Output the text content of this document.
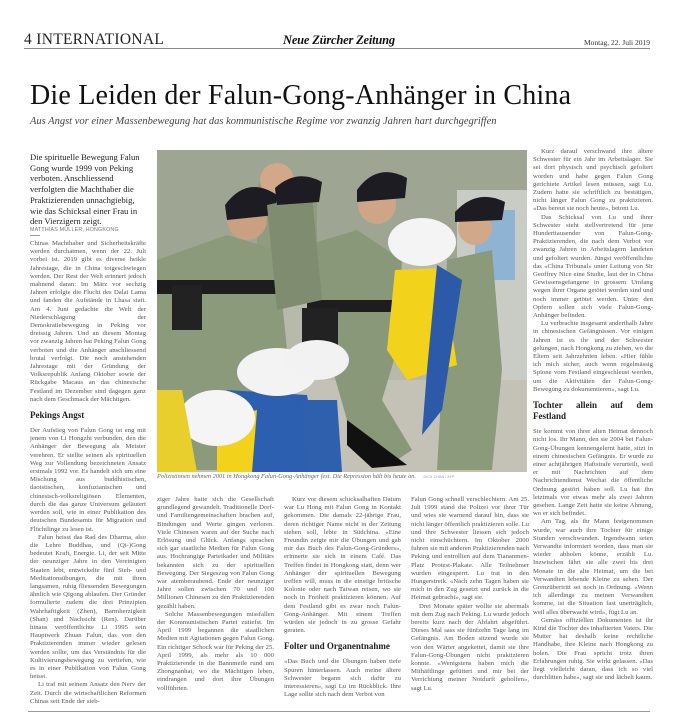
4 INTERNATIONAL	Neue Zürcher Zeitung	Montag, 22. Juli 2019
Die Leiden der Falun-Gong-Anhänger in China
Aus Angst vor einer Massenbewegung hat das kommunistische Regime vor zwanzig Jahren hart durchgegriffen
Die spirituelle Bewegung Falun Gong wurde 1999 von Peking verboten. Anschliessend verfolgten die Machthaber die Praktizierenden unnachgiebig, wie das Schicksal einer Frau in den Vierzigern zeigt.
MATTHIAS MÜLLER, HONGKONG
Polizistinnen nehmen 2001 in Hongkong Falun-Gong-Anhänger fest. Die Repression hält bis heute an. DICK CHAN / AFP

Chinas Machthaber und Sicherheitskräfte werden durchatmen, wenn der 22. Juli vorbei ist. 2019 gibt es diverse heikle Jahrestage, die in China totgeschwiegen werden. Der Rest der Welt erinnert jedoch mahnend daran: Im März vor sechzig Jahren erfolgte die Flucht des Dalai Lama und fanden die Aufstände in Lhasa statt. Am 4. Juni gedachte die Welt der Niederschlagung der Demokratiebewegung in Peking vor dreissig Jahren. Und an diesem Montag vor zwanzig Jahren hat Peking Falun Gong verboten und die Anhänger anschliessend brutal verfolgt. Die noch anstehenden Jahrestage mit der Gründung der Volksrepublik Anfang Oktober sowie der Rückgabe Macaus an das chinesische Festland im Dezember sind dagegen ganz nach dem Geschmack der Mächtigen.

Pekings Angst

Der Aufstieg von Falun Gong ist eng mit jenem von Li Hongzhi verbunden, den die Anhänger der Bewegung als Meister verehren. Er stellte seinen als spirituellen Weg zur Vollendung bezeichneten Ansatz erstmals 1992 vor. Es handelt sich um eine Mischung aus buddhistischen, daoistischen, konfuzianischen und chinesisch-volksreligiösen Elementen, durch die das ganze Universum geläutert werden soll, wie in einer Publikation des deutschen Bundesamts für Migration und Flüchtlinge zu lesen ist.

Falun heisst das Rad des Dharma, also die Lehre Buddhas, und (Qi-)Gong bedeutet Kraft, Energie. Li, der seit Mitte der neunziger Jahre in den Vereinigten Staaten lebt, entwickelte fünf Steh- und Meditationsübungen, die mit ihren langsamen, ruhig fliessenden Bewegungen ähnlich wie Qigong ablaufen. Der Gründer formulierte zudem die drei Prinzipien Wahrhaftigkeit (Zhen), Barmherzigkeit (Shan) und Nachsicht (Ren). Darüber hinaus veröffentlichte Li 1995 sein Hauptwerk Zhuan Falun, das von den Praktizierenden immer wieder gelesen werden sollte, um das Verständnis für die Kultivierungsbewegung zu vertiefen, wie es in einer Publikation von Falun Gong heisst.

Li traf mit seinem Ansatz den Nerv der Zeit. Durch die wirtschaftlichen Reformen Chinas seit Ende der sieb-

ziger Jahre hatte sich die Gesellschaft grundlegend gewandelt. Traditionelle Dorf- und Familiengemeinschaften brachen auf, Bindungen und Werte gingen verloren. Viele Chinesen waren auf der Suche nach Erlösung und Glück. Anfangs sprachen sich gar staatliche Medien für Falun Gong aus. Hochrangige Parteikader und Militärs bekannten sich zu der spirituellen Bewegung. Der Siegeszug von Falun Gong war atemberaubend. Ende der neunziger Jahre sollen zwischen 70 und 100 Millionen Chinesen zu den Praktizierenden gezählt haben.

Solche Massenbewegungen missfallen der Kommunistischen Partei zutiefst. Im April 1999 begannen die staatlichen Medien mit Agitationen gegen Falun Gong. Ein richtiger Schock war für Peking der 25. April 1999, als mehr als 10 000 Praktizierende in die Bannmeile rund um Zhongnanhai, wo die Mächtigen leben, eindrangen und dort ihre Übungen vollführten.

Kurz vor diesem schicksalhaften Datum war Lu Hong mit Falun Gong in Kontakt gekommen. Die damals 22-jährige Frau, deren richtiger Name nicht in der Zeitung stehen soll, lebte in Südchina. «Eine Freundin zeigte mir die Übungen und gab mir das Buch des Falun-Gong-Gründers», erinnerte sie sich in einem Café. Das Treffen findet in Hongkong statt, denn wer Anhänger der spirituellen Bewegung treffen will, muss in die einstige britische Kolonie oder nach Taiwan reisen, wo sie noch in Freiheit praktizieren können. Auf dem Festland gibt es zwar noch Falun-Gong-Anhänger. Mit einem Treffen würden sie jedoch in zu grosse Gefahr geraten.

Folter und Organentnahme

«Das Buch und die Übungen haben tiefe Spuren hinterlassen. Auch meine ältere Schwester begann sich dafür zu interessieren», sagt Lu im Rückblick. Ihre Lage sollte sich nach dem Verbot von

Falun Gong schnell verschlechtern. Am 25. Juli 1999 stand die Polizei vor ihrer Tür und wies sie warnend darauf hin, dass sie nicht länger öffentlich praktizieren solle. Lu und ihre Schwester liessen sich jedoch nicht einschüchtern. Im Oktober 2000 fuhren sie mit anderen Praktizierenden nach Peking und entrollten auf dem Tiananmen-Platz Protest-Plakate. Alle Teilnehmer wurden eingesperrt. Lu trat in den Hungerstreik. «Nach zehn Tagen haben sie mich in den Zug gesetzt und zurück in die Heimat gebracht», sagt sie.

Drei Monate später wollte sie abermals mit dem Zug nach Peking. Lu wurde jedoch bereits kurz nach der Abfahrt abgeführt. Dieses Mal sass sie fünfzehn Tage lang im Gefängnis. Am Boden sitzend wurde sie von den Wärter angekettet, damit sie ihre Falun-Gong-Übungen nicht praktizieren konnte. «Wenigstens haben mich die Mithäftlinge gefüttert und mir bei der Verrichtung meiner Notdurft geholfen», sagt Lu.

Kurz darauf verschwand ihre ältere Schwester für ein Jahr im Arbeitslager. Sie sei dort physisch und psychisch gefoltert worden und habe gegen Falun Gong gerichtete Artikel lesen müssen, sagt Lu. Zudem hatte sie schriftlich zu bestätigen, nicht länger Falun Gong zu praktizieren. «Das bereut sie noch heute», betont Lu.

Das Schicksal von Lu und ihrer Schwester steht stellvertretend für jene Hunderttausender von Falun-Gong-Praktizierenden, die nach dem Verbot vor zwanzig Jahren in Arbeitslagern landeten und gefoltert wurden. Jüngst veröffentlichte das «China Tribunal» unter Leitung von Sir Geoffrey Nice eine Studie, laut der in China Gewissensgefangene in grossem Umfang wegen ihrer Organe getötet worden sind und noch immer getötet werden. Unter den Opfern sollen sich viele Falun-Gong-Anhänger befinden.

Lu verbrachte insgesamt anderthalb Jahre in chinesischen Gefängnissen. Vor einigen Jahren ist es ihr und der Schwester gelungen, nach Hongkong zu ziehen, wo die Eltern seit Jahrzehnten leben. «Hier fühle ich mich sicher, auch wenn regelmässig Spione vom Festland eingeschleust werden, um die Aktivitäten der Falun-Gong-Bewegung zu dokumentieren», sagt Lu.

Tochter allein auf dem Festland

Sie kommt von ihrer alten Heimat dennoch nicht los. Ihr Mann, den sie 2004 bei Falun-Gong-Übungen kennengelernt hatte, sitzt in einem chinesischen Gefängnis. Er wurde zu einer achtjährigen Haftstrafe verurteilt, weil er mit Nachrichten auf dem Nachrichtendienst Wechat die öffentliche Ordnung gestört haben soll. Lu hat ihn letztmals vor etwas mehr als zwei Jahren gesehen. Lange Zeit hatte sie keine Ahnung, wo er sich befindet.

Am Tag, als ihr Mann festgenommen wurde, war auch ihre Tochter für einige Stunden verschwunden. Irgendwann seien Verwandte informiert worden, dass man sie wieder abholen könne, erzählt Lu. Inzwischen fährt sie alle zwei bis drei Monate in die alte Heimat, um die bei Verwandten lebende Kleine zu sehen. Der Grenzübertritt sei noch in Ordnung. «Wenn ich allerdings zu meinen Verwandten komme, ist die Situation fast unerträglich, weil alles überwacht wird», fügt Lu an.

Gemäss offiziellen Dokumenten ist ihr Kind die Tochter des inhaftierten Vaters. Die Mutter hat deshalb keine rechtliche Handhabe, ihre Kleine nach Hongkong zu holen. Die Frau spricht trotz ihren Erfahrungen ruhig. Sie wirkt gelassen. «Das liegt vielleicht daran, dass ich so viel durchlitten habe», sagt sie und lächelt kaum.
